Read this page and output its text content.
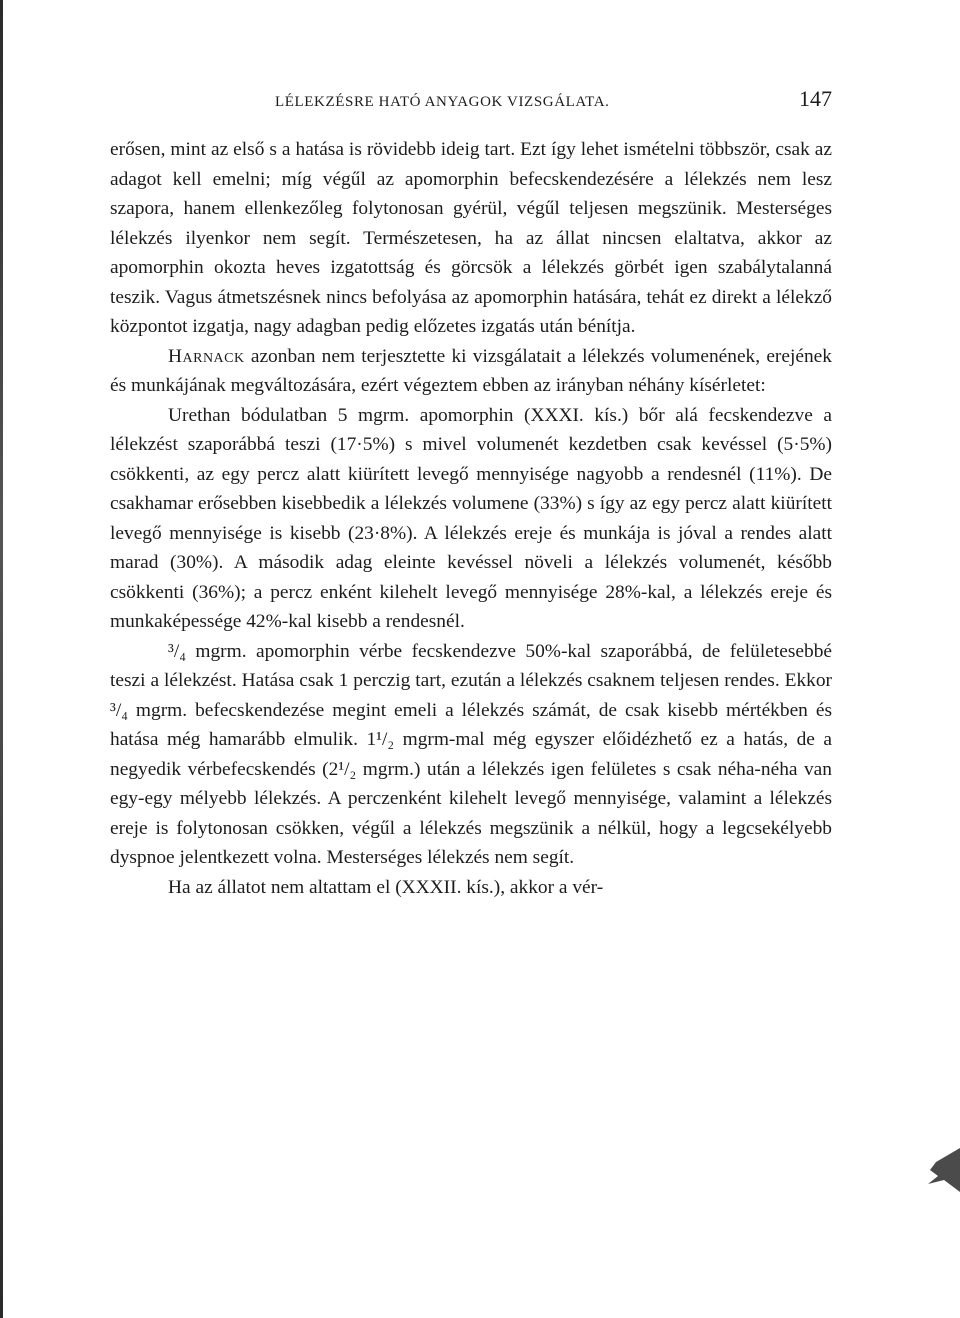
LÉLEKZÉSRE HATÓ ANYAGOK VIZSGÁLATA.	147

erősen, mint az első s a hatása is rövidebb ideig tart. Ezt így lehet ismételni többször, csak az adagot kell emelni; míg végűl az apomorphin befecskendezésére a lélekzés nem lesz szapora, hanem ellenkezőleg folytonosan gyérül, végűl teljesen megszünik. Mesterséges lélekzés ilyenkor nem segít. Természetesen, ha az állat nincsen elaltatva, akkor az apomorphin okozta heves izgatottság és görcsök a lélekzés görbét igen szabálytalanná teszik. Vagus átmetszésnek nincs befolyása az apomorphin hatására, tehát ez direkt a lélekző központot izgatja, nagy adagban pedig előzetes izgatás után bénítja.

Harnack azonban nem terjesztette ki vizsgálatait a lélekzés volumenének, erejének és munkájának megváltozására, ezért végeztem ebben az irányban néhány kísérletet:

Urethan bódulatban 5 mgrm. apomorphin (XXXI. kís.) bőr alá fecskendezve a lélekzést szaporábbá teszi (17·5%) s mivel volumenét kezdetben csak kevéssel (5·5%) csökkenti, az egy percz alatt kiürített levegő mennyisége nagyobb a rendesnél (11%). De csakhamar erősebben kisebbedik a lélekzés volumene (33%) s így az egy percz alatt kiürített levegő mennyisége is kisebb (23·8%). A lélekzés ereje és munkája is jóval a rendes alatt marad (30%). A második adag eleinte kevéssel növeli a lélekzés volumenét, később csökkenti (36%); a percz enként kilehelt levegő mennyisége 28%-kal, a lélekzés ereje és munkaképessége 42%-kal kisebb a rendesnél.

³/₄ mgrm. apomorphin vérbe fecskendezve 50%-kal szaporábbá, de felületesebbé teszi a lélekzést. Hatása csak 1 perczig tart, ezután a lélekzés csaknem teljesen rendes. Ekkor ³/₄ mgrm. befecskendezése megint emeli a lélekzés számát, de csak kisebb mértékben és hatása még hamarább elmulik. 1¹/₂ mgrm-mal még egyszer előidézhető ez a hatás, de a negyedik vérbefecskendés (2¹/₂ mgrm.) után a lélekzés igen felületes s csak néha-néha van egy-egy mélyebb lélekzés. A perczenként kilehelt levegő mennyisége, valamint a lélekzés ereje is folytonosan csökken, végűl a lélekzés megszünik a nélkül, hogy a legcsekélyebb dyspnoe jelentkezett volna. Mesterséges lélekzés nem segít.

Ha az állatot nem altattam el (XXXII. kís.), akkor a vér-
